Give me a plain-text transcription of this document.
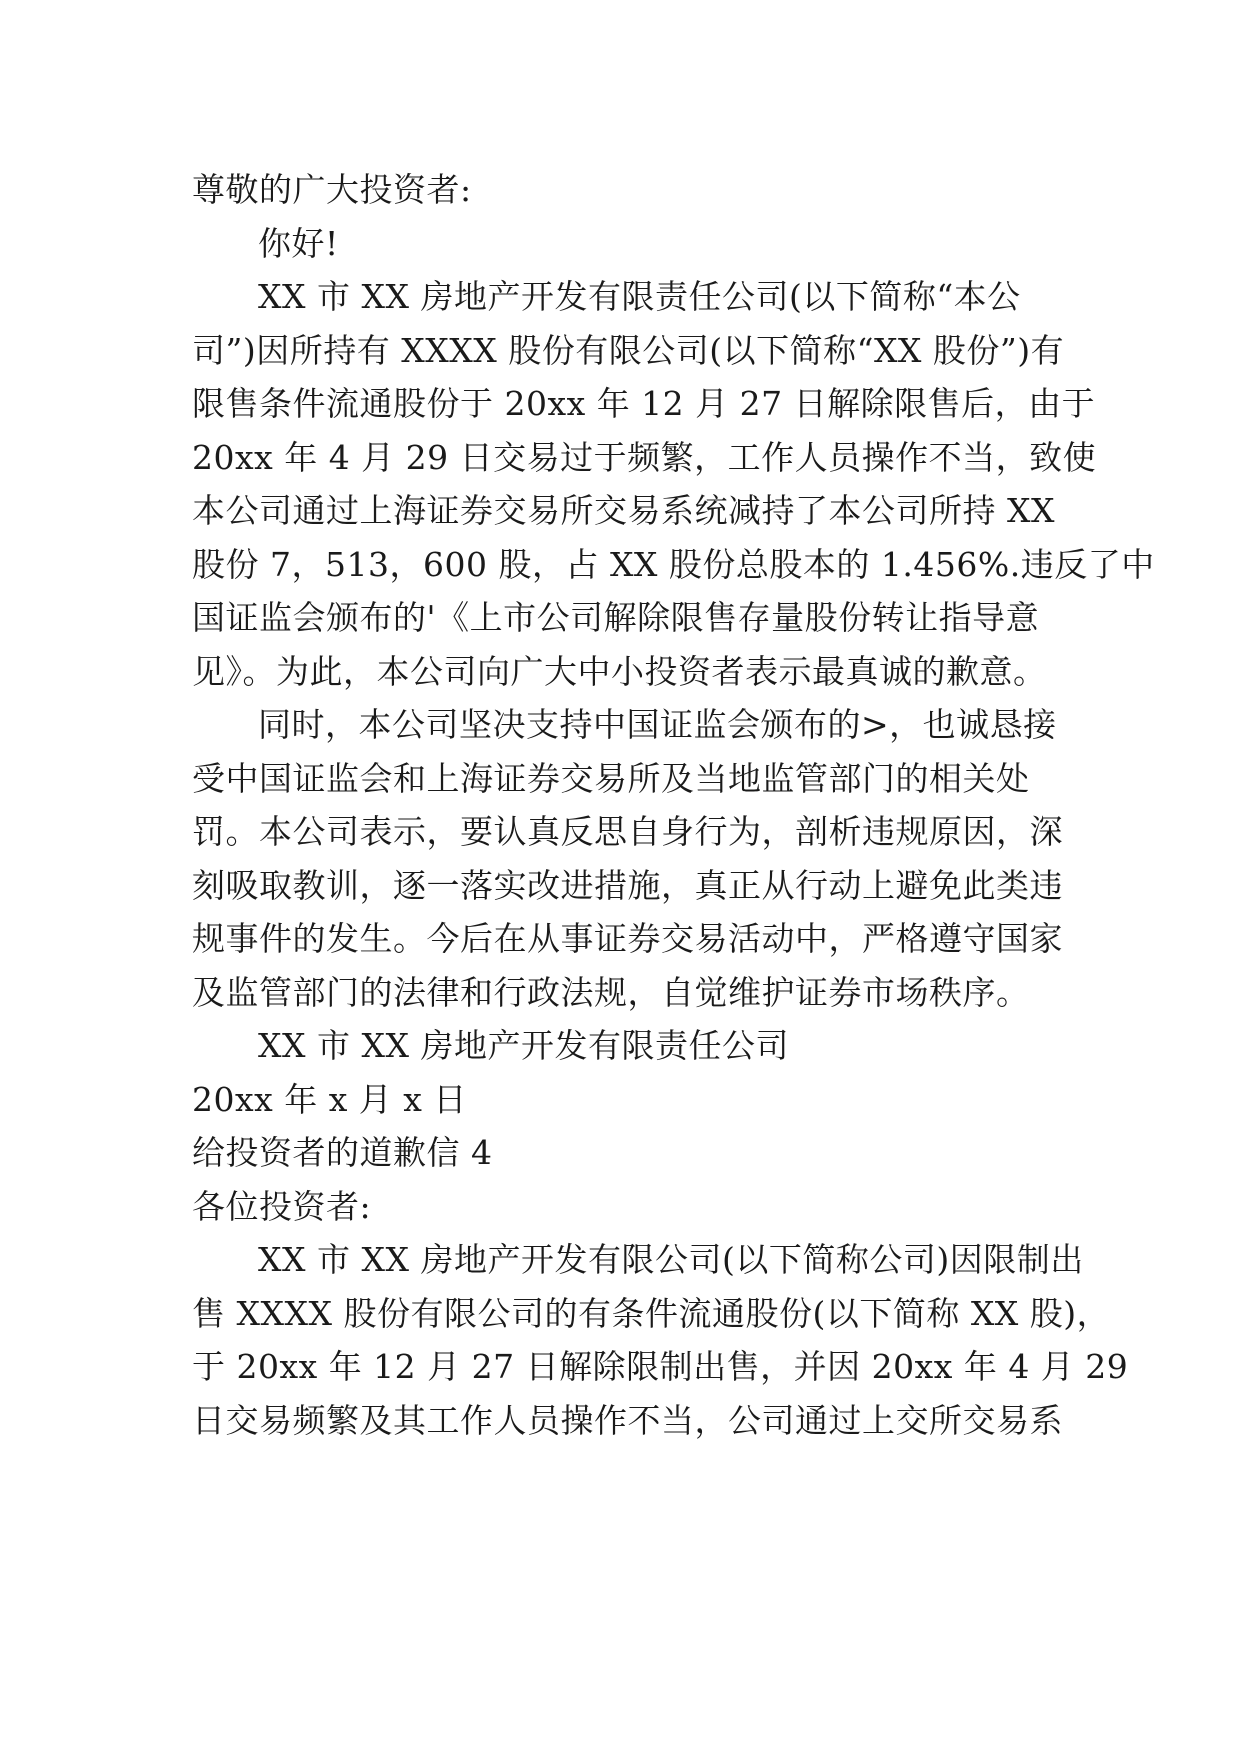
尊敬的广大投资者:
你好!
XX 市 XX 房地产开发有限责任公司(以下简称“本公
司”)因所持有 XXXX 股份有限公司(以下简称“XX 股份”)有
限售条件流通股份于 20xx 年 12 月 27 日解除限售后，由于
20xx 年 4 月 29 日交易过于频繁，工作人员操作不当，致使
本公司通过上海证券交易所交易系统减持了本公司所持 XX
股份 7，513，600 股，占 XX 股份总股本的 1.456%.违反了中
国证监会颁布的'《上市公司解除限售存量股份转让指导意
见》。为此，本公司向广大中小投资者表示最真诚的歉意。
同时，本公司坚决支持中国证监会颁布的>，也诚恳接
受中国证监会和上海证券交易所及当地监管部门的相关处
罚。本公司表示，要认真反思自身行为，剖析违规原因，深
刻吸取教训，逐一落实改进措施，真正从行动上避免此类违
规事件的发生。今后在从事证券交易活动中，严格遵守国家
及监管部门的法律和行政法规，自觉维护证券市场秩序。
XX 市 XX 房地产开发有限责任公司
20xx 年 x 月 x 日
给投资者的道歉信 4
各位投资者:
XX 市 XX 房地产开发有限公司(以下简称公司)因限制出
售 XXXX 股份有限公司的有条件流通股份(以下简称 XX 股)，
于 20xx 年 12 月 27 日解除限制出售，并因 20xx 年 4 月 29
日交易频繁及其工作人员操作不当，公司通过上交所交易系
